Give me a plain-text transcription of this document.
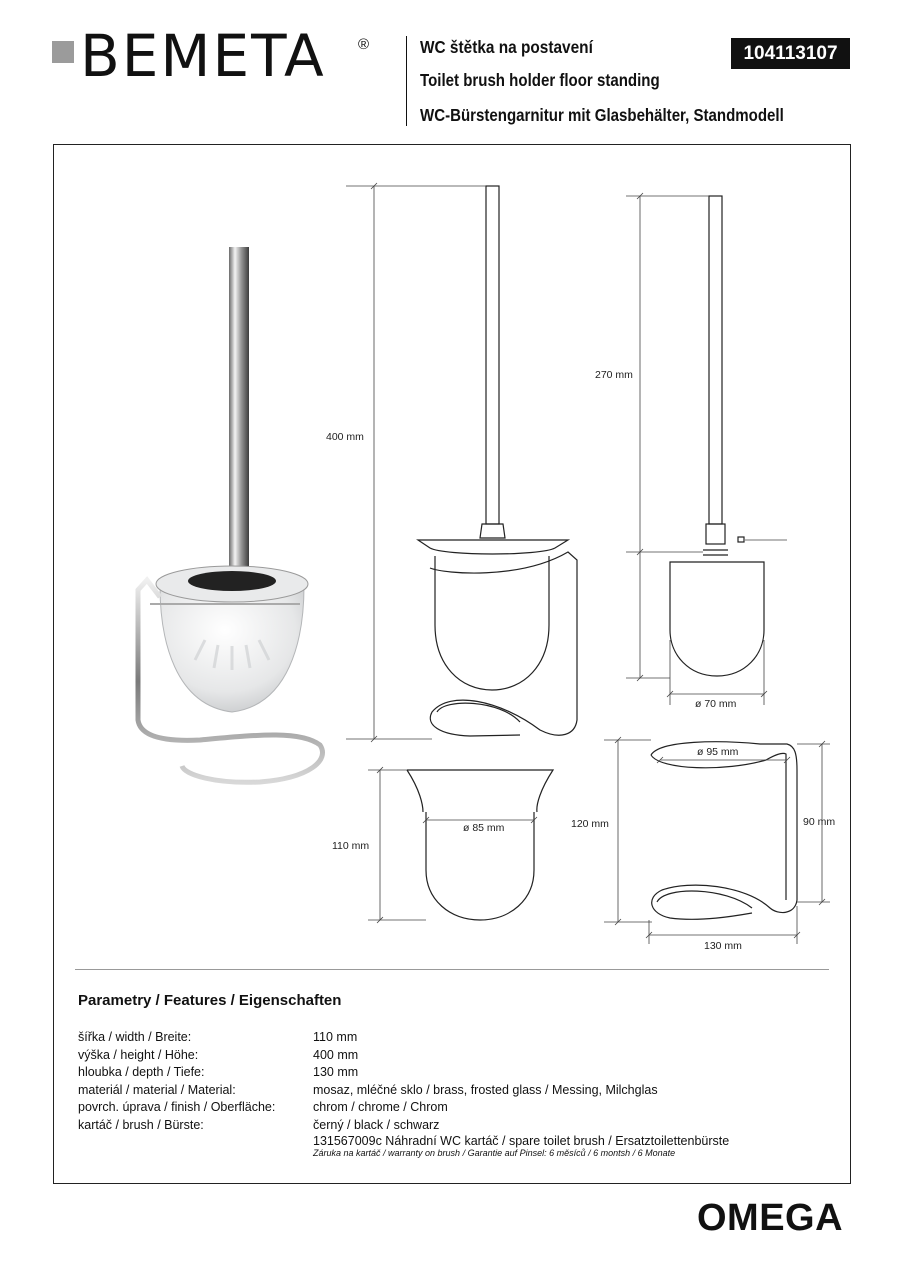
BEMETA ®	WC štětka na postavení
Toilet brush holder floor standing
WC-Bürstengarnitur mit Glasbehälter, Standmodell
104113107
400 mm
270 mm
ø 70 mm
110 mm
ø 85 mm	120 mm
ø 95 mm
90 mm
130 mm
Parametry / Features / Eigenschaften
šířka / width / Breite:
výška / height / Höhe:
hloubka / depth / Tiefe:
materiál / material / Material:
povrch. úprava / finish / Oberfläche:
kartáč / brush / Bürste:
110 mm
400 mm
130 mm
mosaz, mléčné sklo / brass, frosted glass / Messing, Milchglas
chrom / chrome / Chrom
černý / black / schwarz
131567009c Náhradní WC kartáč / spare toilet brush / Ersatztoilettenbürste
Záruka na kartáč / warranty on brush / Garantie auf Pinsel: 6 měsíců / 6 montsh / 6 Monate
OMEGA
